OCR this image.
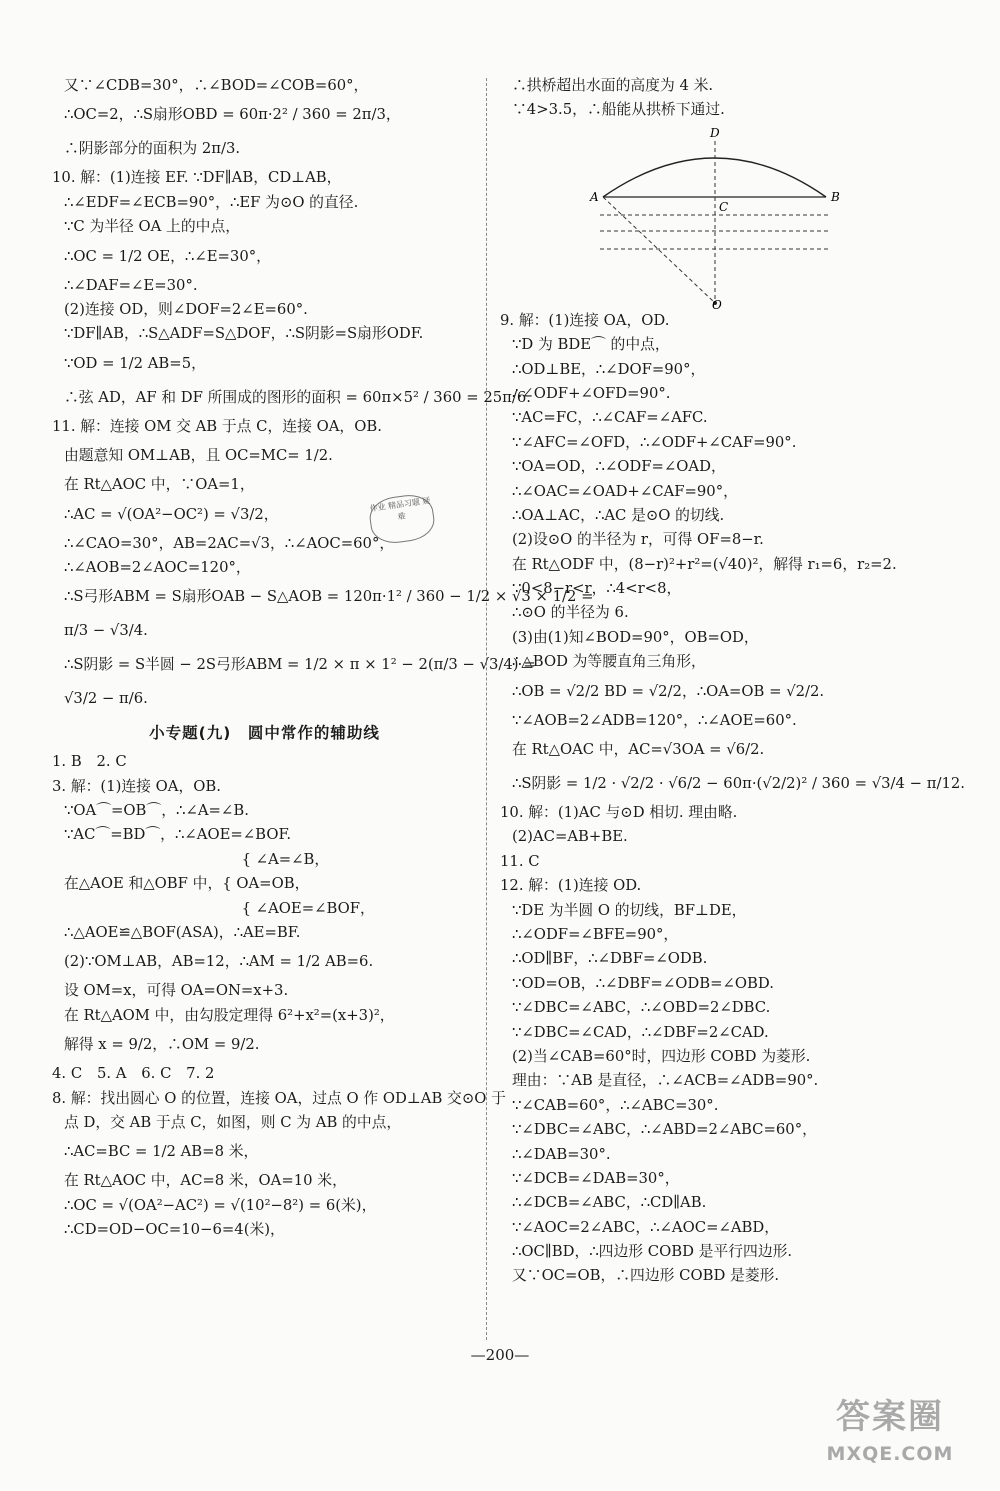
又∵∠CDB=30°，∴∠BOD=∠COB=60°，
∴OC=2，∴S扇形OBD = 60π·2² / 360 = 2π/3，
∴阴影部分的面积为 2π/3.
10. 解：(1)连接 EF. ∵DF∥AB，CD⊥AB，
∴∠EDF=∠ECB=90°，∴EF 为⊙O 的直径.
∵C 为半径 OA 上的中点，
∴OC = 1/2 OE，∴∠E=30°，
∴∠DAF=∠E=30°.
(2)连接 OD，则∠DOF=2∠E=60°.
∵DF∥AB，∴S△ADF=S△DOF，∴S阴影=S扇形ODF.
∵OD = 1/2 AB=5，
∴弦 AD，AF 和 DF 所围成的图形的面积 = 60π×5² / 360 = 25π/6.
11. 解：连接 OM 交 AB 于点 C，连接 OA，OB.
由题意知 OM⊥AB，且 OC=MC= 1/2.
在 Rt△AOC 中，∵OA=1，
∴AC = √(OA²−OC²) = √3/2，
∴∠CAO=30°，AB=2AC=√3，∴∠AOC=60°，
∴∠AOB=2∠AOC=120°，
∴S弓形ABM = S扇形OAB − S△AOB = 120π·1² / 360 − 1/2 × √3 × 1/2 =
π/3 − √3/4.
∴S阴影 = S半圆 − 2S弓形ABM = 1/2 × π × 1² − 2(π/3 − √3/4) =
√3/2 − π/6.
小专题(九)　圆中常作的辅助线
1. B　2. C
3. 解：(1)连接 OA，OB.
∵OA⌒=OB⌒，∴∠A=∠B.
∵AC⌒=BD⌒，∴∠AOE=∠BOF.
　　　　　　　　　　　　{ ∠A=∠B，
在△AOE 和△OBF 中，{ OA=OB，
　　　　　　　　　　　　{ ∠AOE=∠BOF，
∴△AOE≌△BOF(ASA)，∴AE=BF.
(2)∵OM⊥AB，AB=12，∴AM = 1/2 AB=6.
设 OM=x，可得 OA=ON=x+3.
在 Rt△AOM 中，由勾股定理得 6²+x²=(x+3)²，
解得 x = 9/2，∴OM = 9/2.
4. C　5. A　6. C　7. 2
8. 解：找出圆心 O 的位置，连接 OA，过点 O 作 OD⊥AB 交⊙O 于
点 D，交 AB 于点 C，如图，则 C 为 AB 的中点，
∴AC=BC = 1/2 AB=8 米，
在 Rt△AOC 中，AC=8 米，OA=10 米，
∴OC = √(OA²−AC²) = √(10²−8²) = 6(米)，
∴CD=OD−OC=10−6=4(米)，
∴拱桥超出水面的高度为 4 米.
∵4>3.5，∴船能从拱桥下通过.
D
A	B
C
O
9. 解：(1)连接 OA，OD.
∵D 为 BDE⌒ 的中点，
∴OD⊥BE，∴∠DOF=90°，
∴∠ODF+∠OFD=90°.
∵AC=FC，∴∠CAF=∠AFC.
∵∠AFC=∠OFD，∴∠ODF+∠CAF=90°.
∵OA=OD，∴∠ODF=∠OAD，
∴∠OAC=∠OAD+∠CAF=90°，
∴OA⊥AC，∴AC 是⊙O 的切线.
(2)设⊙O 的半径为 r，可得 OF=8−r.
在 Rt△ODF 中，(8−r)²+r²=(√40)²，解得 r₁=6，r₂=2.
∵0<8−r<r，∴4<r<8，
∴⊙O 的半径为 6.
(3)由(1)知∠BOD=90°，OB=OD，
∴△BOD 为等腰直角三角形，
∴OB = √2/2 BD = √2/2，∴OA=OB = √2/2.
∵∠AOB=2∠ADB=120°，∴∠AOE=60°.
在 Rt△OAC 中，AC=√3OA = √6/2.
∴S阴影 = 1/2 · √2/2 · √6/2 − 60π·(√2/2)² / 360 = √3/4 − π/12.
10. 解：(1)AC 与⊙D 相切. 理由略.
(2)AC=AB+BE.
11. C
12. 解：(1)连接 OD.
∵DE 为半圆 O 的切线，BF⊥DE，
∴∠ODF=∠BFE=90°，
∴OD∥BF，∴∠DBF=∠ODB.
∵OD=OB，∴∠DBF=∠ODB=∠OBD.
∵∠DBC=∠ABC，∴∠OBD=2∠DBC.
∵∠DBC=∠CAD，∴∠DBF=2∠CAD.
(2)当∠CAB=60°时，四边形 COBD 为菱形.
理由：∵AB 是直径，∴∠ACB=∠ADB=90°.
∵∠CAB=60°，∴∠ABC=30°.
∵∠DBC=∠ABC，∴∠ABD=2∠ABC=60°，
∴∠DAB=30°.
∵∠DCB=∠DAB=30°，
∴∠DCB=∠ABC，∴CD∥AB.
∵∠AOC=2∠ABC，∴∠AOC=∠ABD，
∴OC∥BD，∴四边形 COBD 是平行四边形.
又∵OC=OB，∴四边形 COBD 是菱形.
作业 精品习题 疑难
—200—
答案圈
MXQE.COM
